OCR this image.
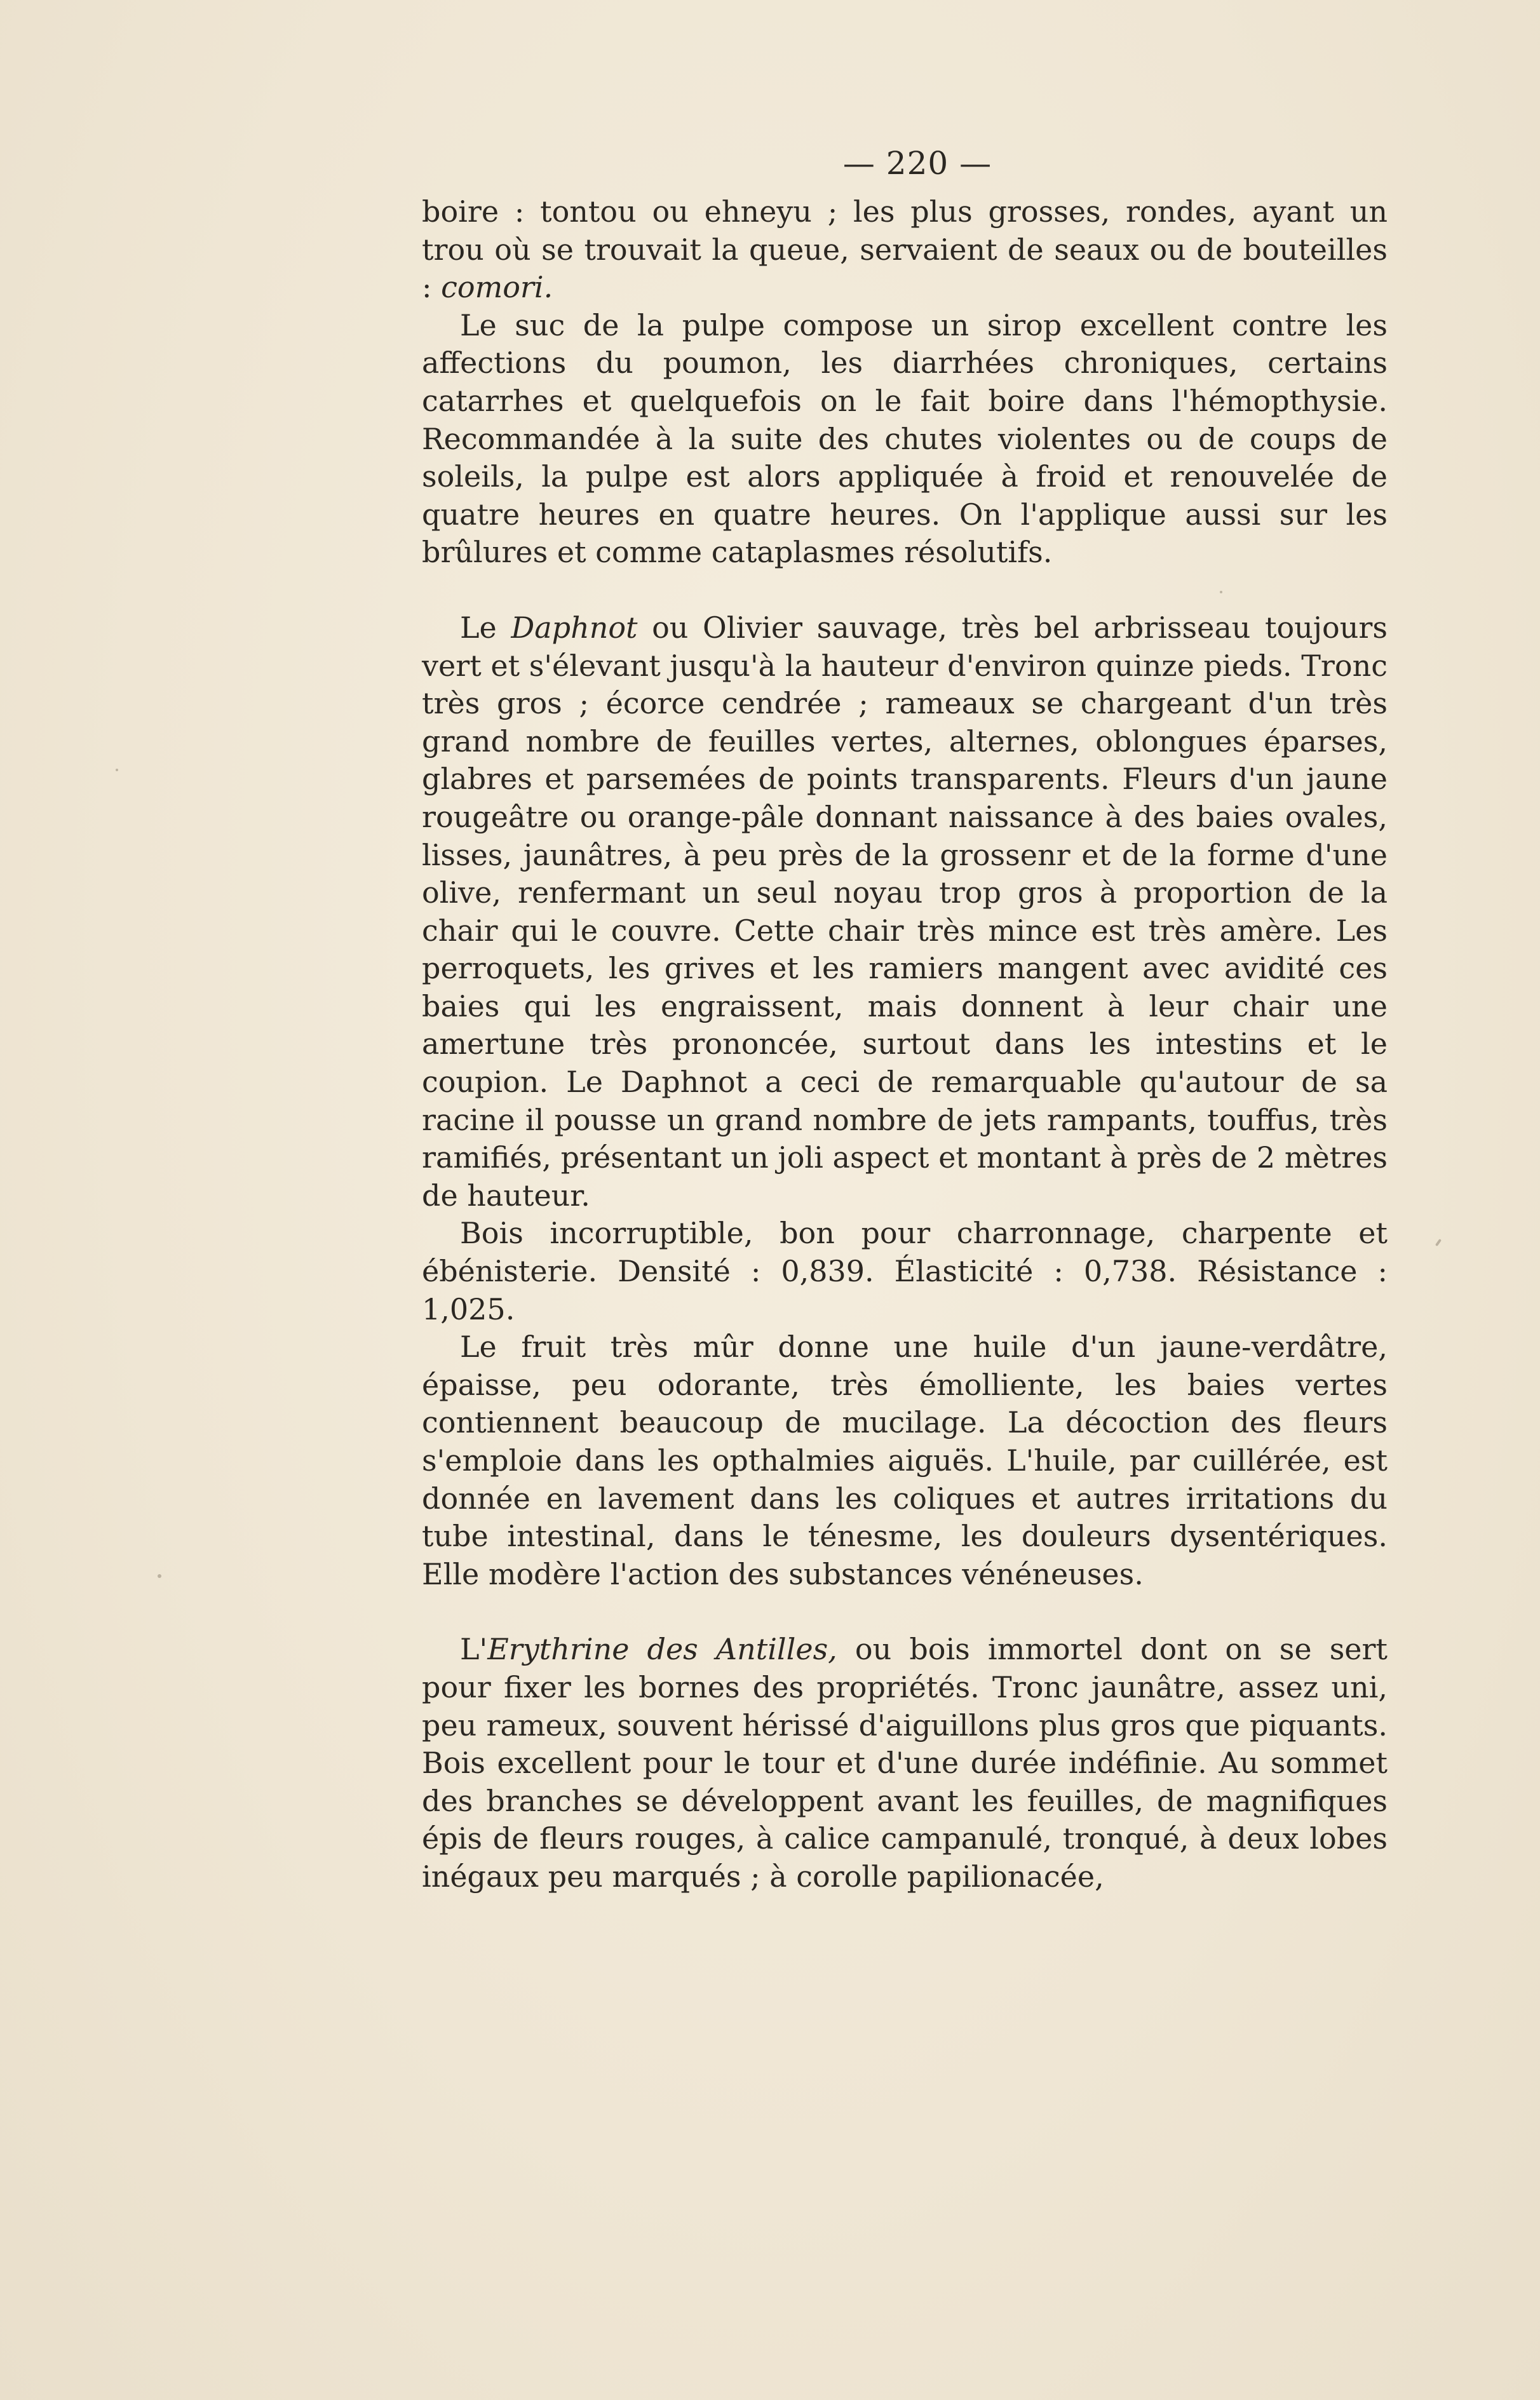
— 220 —

boire : tontou ou ehneyu ; les plus grosses, rondes, ayant un trou où se trouvait la queue, servaient de seaux ou de bouteilles : comori.

Le suc de la pulpe compose un sirop excellent contre les affections du poumon, les diarrhées chroniques, certains catarrhes et quelquefois on le fait boire dans l'hémopthysie. Recommandée à la suite des chutes violentes ou de coups de soleils, la pulpe est alors appliquée à froid et renouvelée de quatre heures en quatre heures. On l'applique aussi sur les brûlures et comme cataplasmes résolutifs.

Le Daphnot ou Olivier sauvage, très bel arbrisseau toujours vert et s'élevant jusqu'à la hauteur d'environ quinze pieds. Tronc très gros ; écorce cendrée ; rameaux se chargeant d'un très grand nombre de feuilles vertes, alternes, oblongues éparses, glabres et parsemées de points transparents. Fleurs d'un jaune rougeâtre ou orange-pâle donnant naissance à des baies ovales, lisses, jaunâtres, à peu près de la grossenr et de la forme d'une olive, renfermant un seul noyau trop gros à proportion de la chair qui le couvre. Cette chair très mince est très amère. Les perroquets, les grives et les ramiers mangent avec avidité ces baies qui les engraissent, mais donnent à leur chair une amertune très prononcée, surtout dans les intestins et le coupion. Le Daphnot a ceci de remarquable qu'autour de sa racine il pousse un grand nombre de jets rampants, touffus, très ramifiés, présentant un joli aspect et montant à près de 2 mètres de hauteur.

Bois incorruptible, bon pour charronnage, charpente et ébénisterie. Densité : 0,839. Élasticité : 0,738. Résistance : 1,025.

Le fruit très mûr donne une huile d'un jaune-verdâtre, épaisse, peu odorante, très émolliente, les baies vertes contiennent beaucoup de mucilage. La décoction des fleurs s'emploie dans les opthalmies aiguës. L'huile, par cuillérée, est donnée en lavement dans les coliques et autres irritations du tube intestinal, dans le ténesme, les douleurs dysentériques. Elle modère l'action des substances vénéneuses.

L'Erythrine des Antilles, ou bois immortel dont on se sert pour fixer les bornes des propriétés. Tronc jaunâtre, assez uni, peu rameux, souvent hérissé d'aiguillons plus gros que piquants. Bois excellent pour le tour et d'une durée indéfinie. Au sommet des branches se développent avant les feuilles, de magnifiques épis de fleurs rouges, à calice campanulé, tronqué, à deux lobes inégaux peu marqués ; à corolle papilionacée,
